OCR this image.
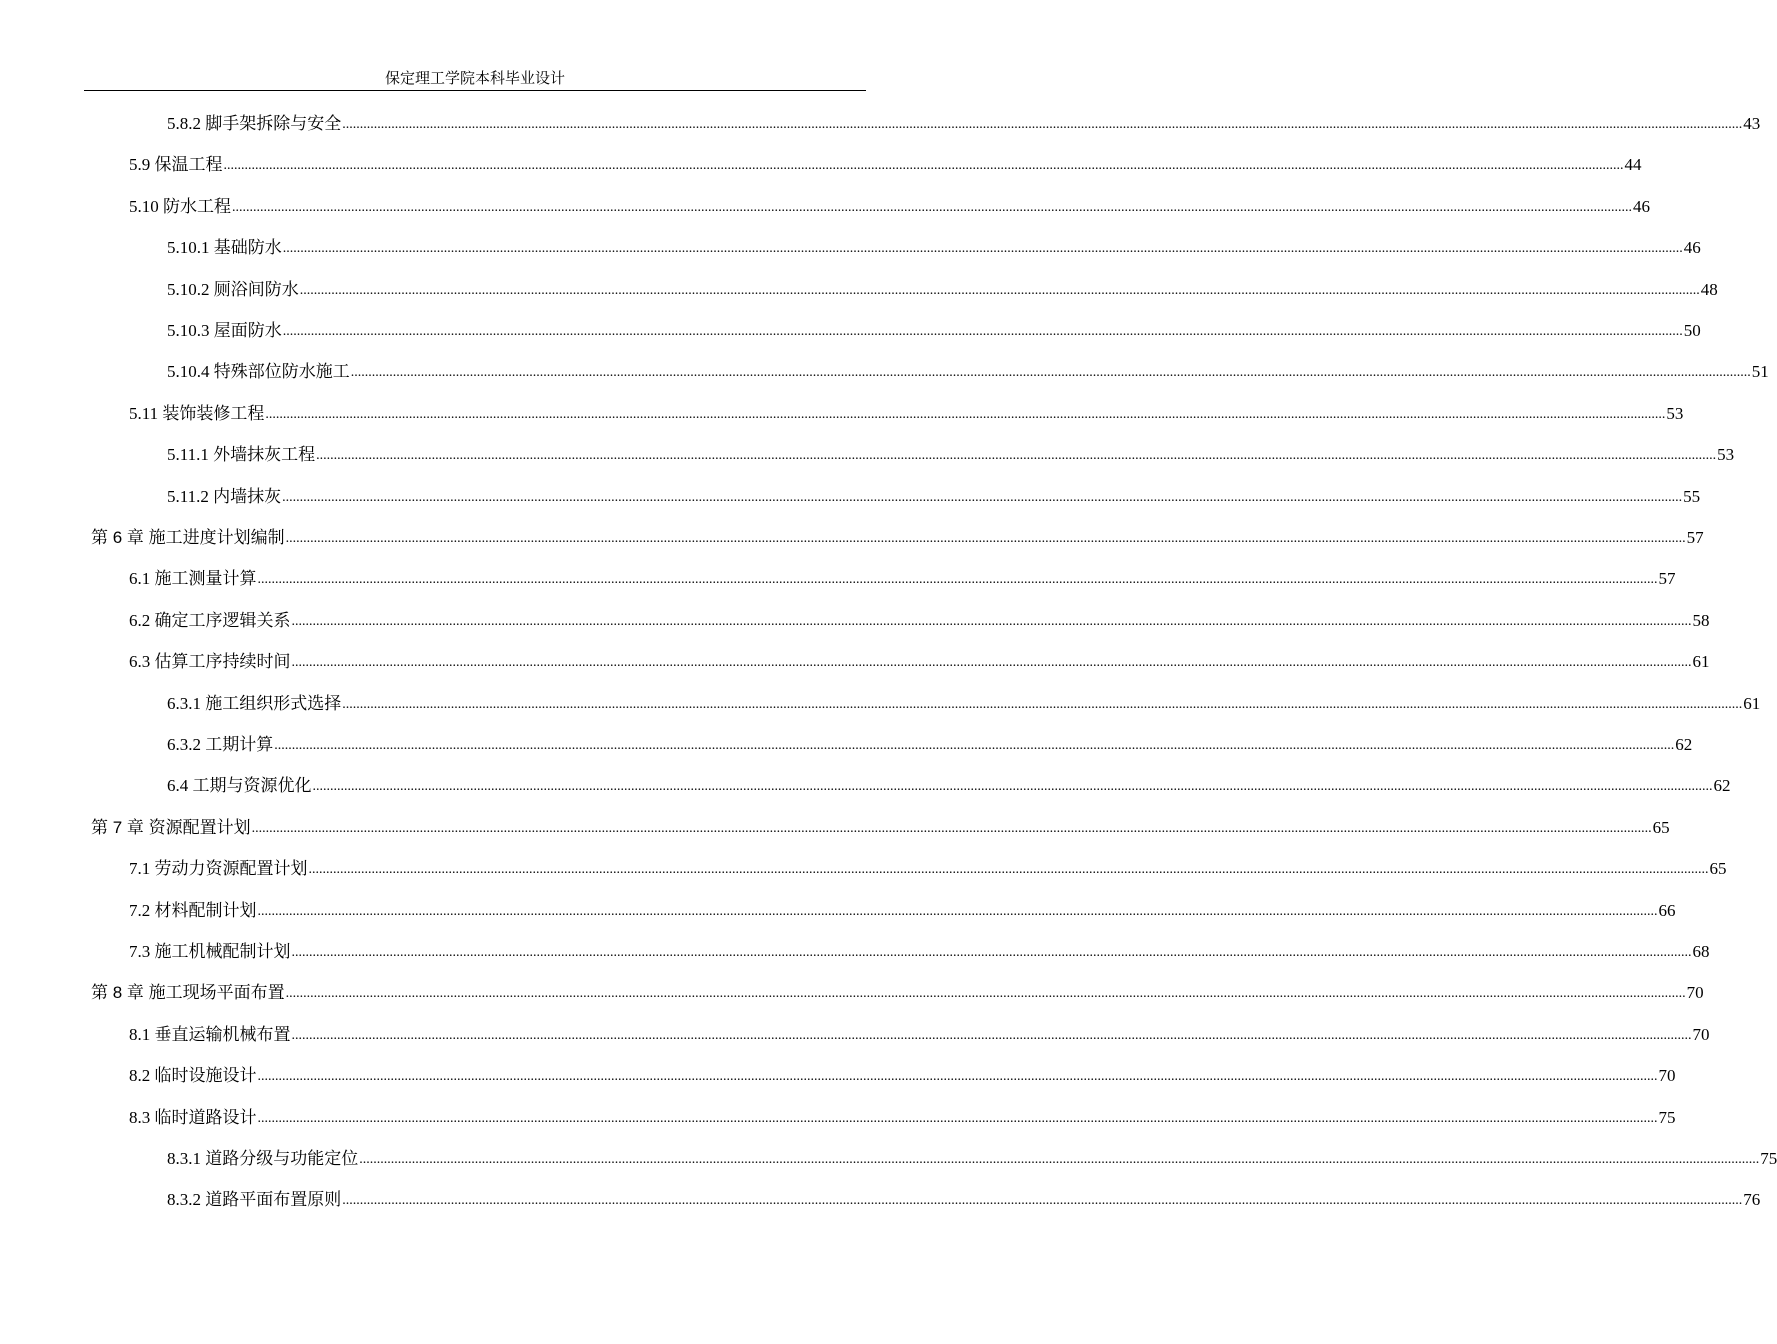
保定理工学院本科毕业设计
5.8.2 脚手架拆除与安全 ................................................................................................................................................................................................................................................................................................................................................................................................................ 43
5.9 保温工程 ................................................................................................................................................................................................................................................................................................................................................................................................................ 44
5.10 防水工程 ................................................................................................................................................................................................................................................................................................................................................................................................................ 46
5.10.1 基础防水 ................................................................................................................................................................................................................................................................................................................................................................................................................ 46
5.10.2 厕浴间防水 ................................................................................................................................................................................................................................................................................................................................................................................................................ 48
5.10.3 屋面防水 ................................................................................................................................................................................................................................................................................................................................................................................................................ 50
5.10.4 特殊部位防水施工 ................................................................................................................................................................................................................................................................................................................................................................................................................ 51
5.11 装饰装修工程 ................................................................................................................................................................................................................................................................................................................................................................................................................ 53
5.11.1 外墙抹灰工程 ................................................................................................................................................................................................................................................................................................................................................................................................................ 53
5.11.2 内墙抹灰 ................................................................................................................................................................................................................................................................................................................................................................................................................ 55
第 6 章 施工进度计划编制 ................................................................................................................................................................................................................................................................................................................................................................................................................ 57
6.1 施工测量计算 ................................................................................................................................................................................................................................................................................................................................................................................................................ 57
6.2 确定工序逻辑关系 ................................................................................................................................................................................................................................................................................................................................................................................................................ 58
6.3 估算工序持续时间 ................................................................................................................................................................................................................................................................................................................................................................................................................ 61
6.3.1 施工组织形式选择 ................................................................................................................................................................................................................................................................................................................................................................................................................ 61
6.3.2 工期计算 ................................................................................................................................................................................................................................................................................................................................................................................................................ 62
6.4 工期与资源优化 ................................................................................................................................................................................................................................................................................................................................................................................................................ 62
第 7 章 资源配置计划 ................................................................................................................................................................................................................................................................................................................................................................................................................ 65
7.1 劳动力资源配置计划 ................................................................................................................................................................................................................................................................................................................................................................................................................ 65
7.2 材料配制计划 ................................................................................................................................................................................................................................................................................................................................................................................................................ 66
7.3 施工机械配制计划 ................................................................................................................................................................................................................................................................................................................................................................................................................ 68
第 8 章 施工现场平面布置 ................................................................................................................................................................................................................................................................................................................................................................................................................ 70
8.1 垂直运输机械布置 ................................................................................................................................................................................................................................................................................................................................................................................................................ 70
8.2 临时设施设计 ................................................................................................................................................................................................................................................................................................................................................................................................................ 70
8.3 临时道路设计 ................................................................................................................................................................................................................................................................................................................................................................................................................ 75
8.3.1 道路分级与功能定位 ................................................................................................................................................................................................................................................................................................................................................................................................................ 75
8.3.2 道路平面布置原则 ................................................................................................................................................................................................................................................................................................................................................................................................................ 76
